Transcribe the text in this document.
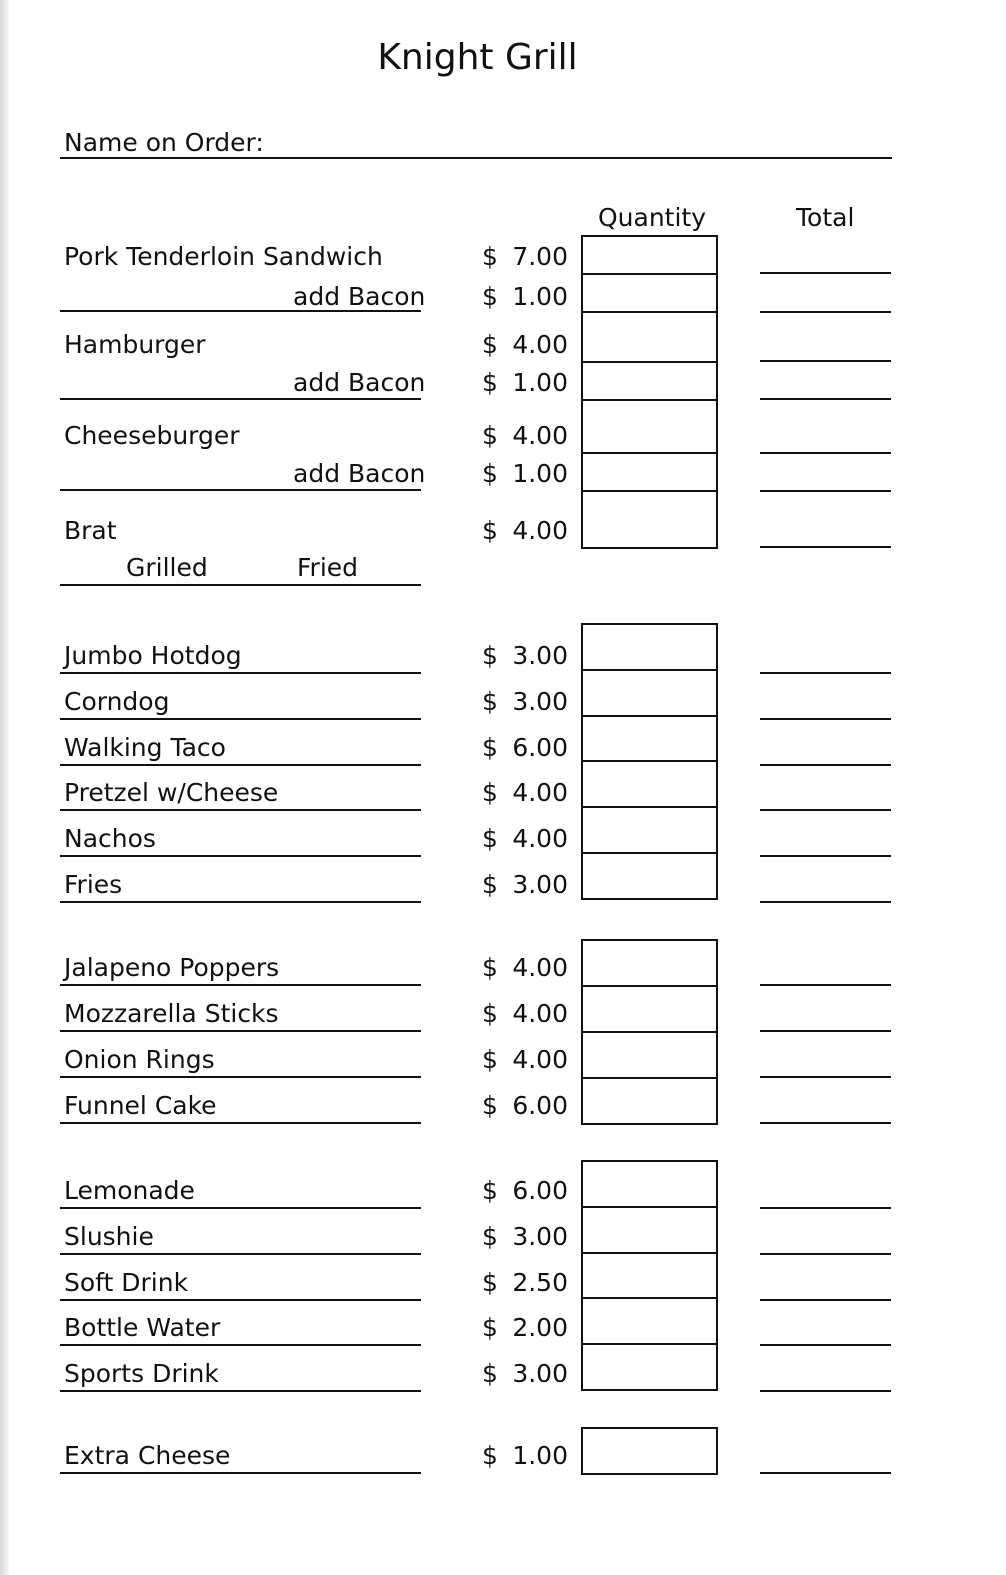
Knight Grill
Name on Order:
Quantity	Total
Pork Tenderloin Sandwich	$ 7.00
add Bacon $ 1.00
Hamburger	$ 4.00
add Bacon $ 1.00
Cheeseburger	$ 4.00
add Bacon $ 1.00
Brat	$ 4.00
Grilled	Fried
Jumbo Hotdog	$ 3.00
Corndog	$ 3.00
Walking Taco	$ 6.00
Pretzel w/Cheese	$ 4.00
Nachos	$ 4.00
Fries	$ 3.00
Jalapeno Poppers	$ 4.00
Mozzarella Sticks	$ 4.00
Onion Rings	$ 4.00
Funnel Cake	$ 6.00
Lemonade	$ 6.00
Slushie	$ 3.00
Soft Drink	$ 2.50
Bottle Water	$ 2.00
Sports Drink	$ 3.00
Extra Cheese	$ 1.00
